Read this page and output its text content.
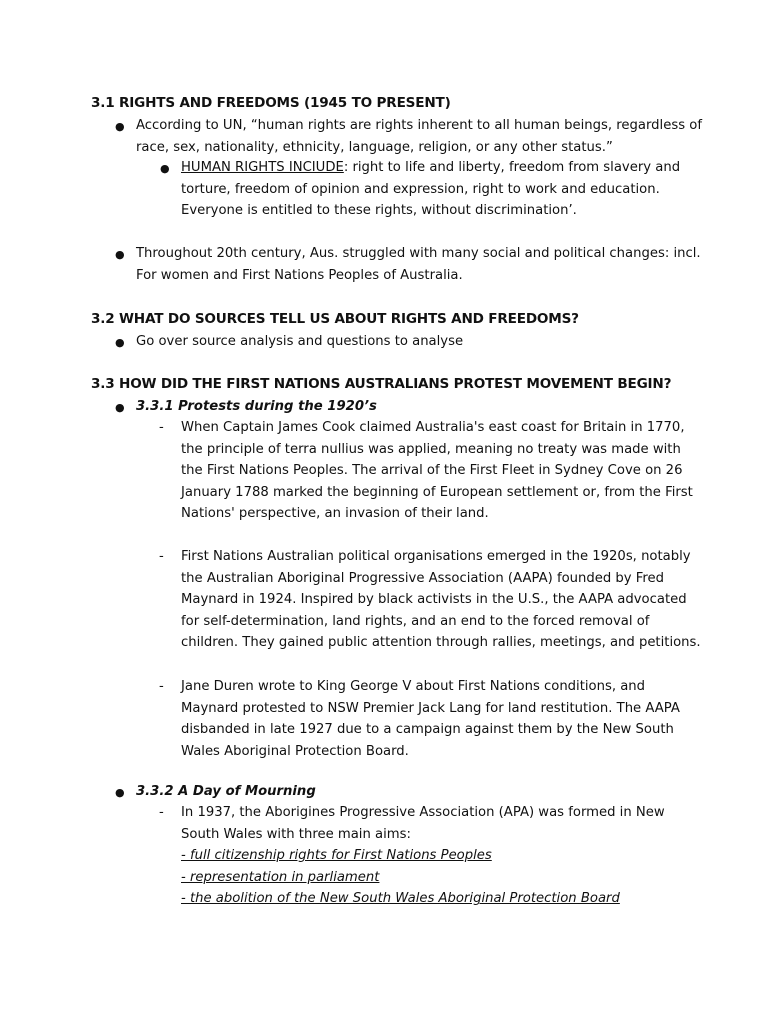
3.1 RIGHTS AND FREEDOMS (1945 TO PRESENT)
● According to UN, “human rights are rights inherent to all human beings, regardless of
race, sex, nationality, ethnicity, language, religion, or any other status.”
● HUMAN RIGHTS INCIUDE: right to life and liberty, freedom from slavery and
torture, freedom of opinion and expression, right to work and education.
Everyone is entitled to these rights, without discrimination’.
● Throughout 20th century, Aus. struggled with many social and political changes: incl.
For women and First Nations Peoples of Australia.
3.2 WHAT DO SOURCES TELL US ABOUT RIGHTS AND FREEDOMS?
● Go over source analysis and questions to analyse
3.3 HOW DID THE FIRST NATIONS AUSTRALIANS PROTEST MOVEMENT BEGIN?
● 3.3.1 Protests during the 1920’s
- When Captain James Cook claimed Australia's east coast for Britain in 1770,
the principle of terra nullius was applied, meaning no treaty was made with
the First Nations Peoples. The arrival of the First Fleet in Sydney Cove on 26
January 1788 marked the beginning of European settlement or, from the First
Nations' perspective, an invasion of their land.
- First Nations Australian political organisations emerged in the 1920s, notably
the Australian Aboriginal Progressive Association (AAPA) founded by Fred
Maynard in 1924. Inspired by black activists in the U.S., the AAPA advocated
for self-determination, land rights, and an end to the forced removal of
children. They gained public attention through rallies, meetings, and petitions.
- Jane Duren wrote to King George V about First Nations conditions, and
Maynard protested to NSW Premier Jack Lang for land restitution. The AAPA
disbanded in late 1927 due to a campaign against them by the New South
Wales Aboriginal Protection Board.
● 3.3.2 A Day of Mourning
- In 1937, the Aborigines Progressive Association (APA) was formed in New
South Wales with three main aims:
- full citizenship rights for First Nations Peoples
- representation in parliament
- the abolition of the New South Wales Aboriginal Protection Board
